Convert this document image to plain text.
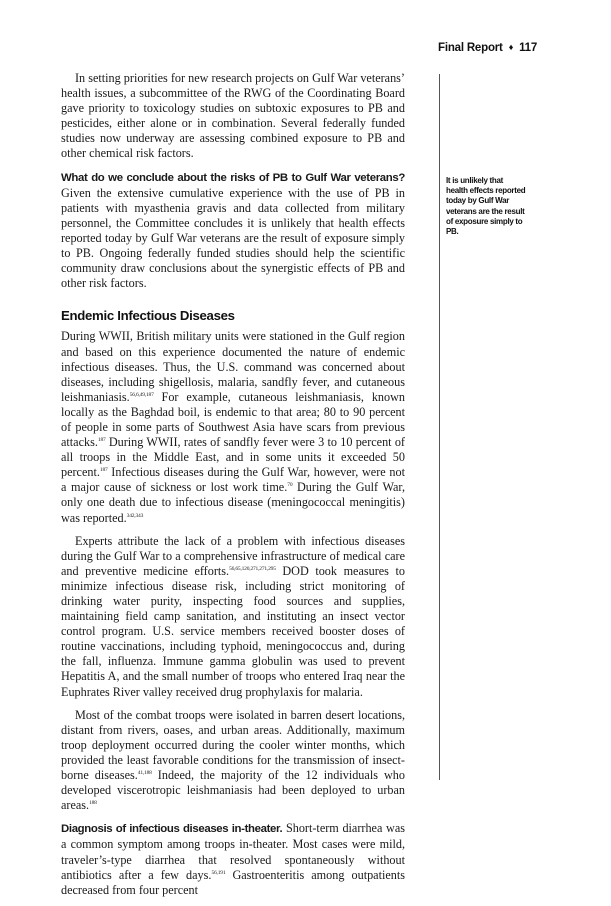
Final Report ♦ 117
It is unlikely that health effects reported today by Gulf War veterans are the result of exposure simply to PB.

In setting priorities for new research projects on Gulf War veterans’ health issues, a subcommittee of the RWG of the Coordinating Board gave priority to toxicology studies on subtoxic exposures to PB and pesticides, either alone or in combination. Several federally funded studies now underway are assessing combined exposure to PB and other chemical risk factors.

What do we conclude about the risks of PB to Gulf War veterans? Given the extensive cumulative experience with the use of PB in patients with myasthenia gravis and data collected from military personnel, the Committee concludes it is unlikely that health effects reported today by Gulf War veterans are the result of exposure simply to PB. Ongoing federally funded studies should help the scientific community draw conclusions about the synergistic effects of PB and other risk factors.

Endemic Infectious Diseases

During WWII, British military units were stationed in the Gulf region and based on this experience documented the nature of endemic infectious diseases. Thus, the U.S. command was concerned about diseases, including shigellosis, malaria, sandfly fever, and cutaneous leishmaniasis.$^{56,6,49,187}$ For example, cutaneous leishmaniasis, known locally as the Baghdad boil, is endemic to that area; 80 to 90 percent of people in some parts of Southwest Asia have scars from previous attacks.$^{187}$ During WWII, rates of sandfly fever were 3 to 10 percent of all troops in the Middle East, and in some units it exceeded 50 percent.$^{187}$ Infectious diseases during the Gulf War, however, were not a major cause of sickness or lost work time.$^{70}$ During the Gulf War, only one death due to infectious disease (meningococcal meningitis) was reported.$^{342,343}$

Experts attribute the lack of a problem with infectious diseases during the Gulf War to a comprehensive infrastructure of medical care and preventive medicine efforts.$^{56,65,120,271,271,295}$ DOD took measures to minimize infectious disease risk, including strict monitoring of drinking water purity, inspecting food sources and supplies, maintaining field camp sanitation, and instituting an insect vector control program. U.S. service members received booster doses of routine vaccinations, including typhoid, meningococcus and, during the fall, influenza. Immune gamma globulin was used to prevent Hepatitis A, and the small number of troops who entered Iraq near the Euphrates River valley received drug prophylaxis for malaria.

Most of the combat troops were isolated in barren desert locations, distant from rivers, oases, and urban areas. Additionally, maximum troop deployment occurred during the cooler winter months, which provided the least favorable conditions for the transmission of insect-borne diseases.$^{41,188}$ Indeed, the majority of the 12 individuals who developed viscerotropic leishmaniasis had been deployed to urban areas.$^{188}$

Diagnosis of infectious diseases in-theater. Short-term diarrhea was a common symptom among troops in-theater. Most cases were mild, traveler’s-type diarrhea that resolved spontaneously without antibiotics after a few days.$^{56,191}$ Gastroenteritis among outpatients decreased from four percent
